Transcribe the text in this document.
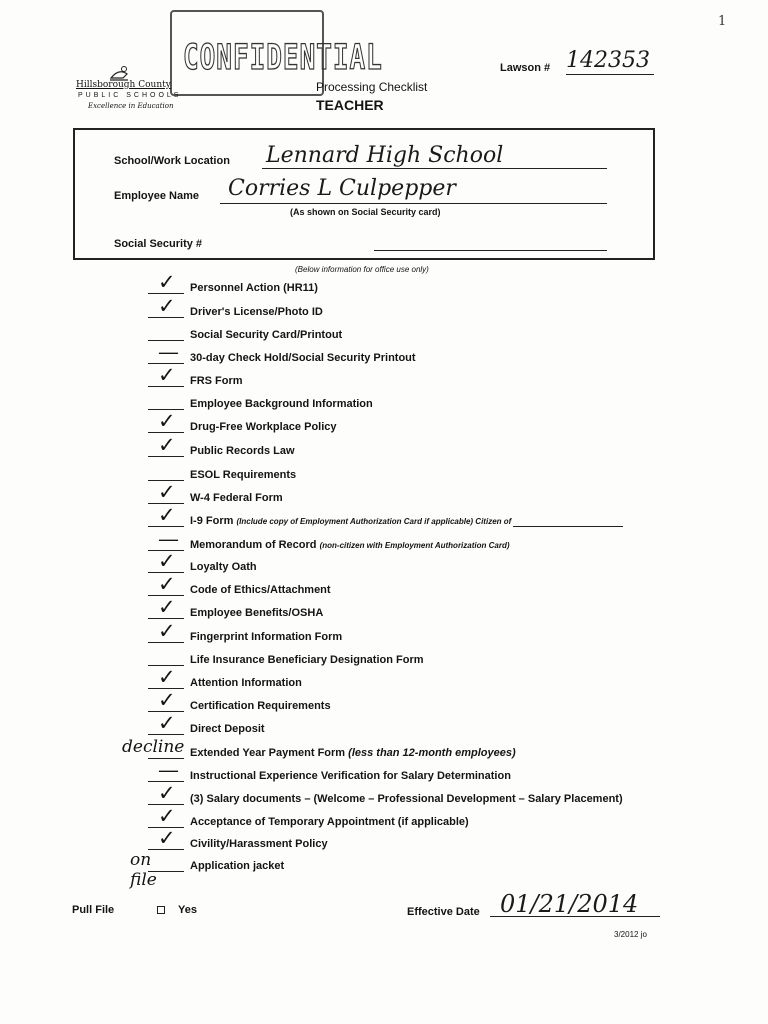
1
CONFIDENTIAL
Hillsborough County
PUBLIC SCHOOLS
Excellence in Education
Processing Checklist
TEACHER
Lawson # 142353
School/Work Location Lennard High School
Employee Name Corries L Culpepper
(As shown on Social Security card)
Social Security #
(Below information for office use only)
✓ Personnel Action (HR11)
✓ Driver's License/Photo ID
Social Security Card/Printout
— 30-day Check Hold/Social Security Printout
✓ FRS Form
Employee Background Information
✓ Drug-Free Workplace Policy
✓ Public Records Law
ESOL Requirements
✓ W-4 Federal Form
✓ I-9 Form (Include copy of Employment Authorization Card if applicable) Citizen of
— Memorandum of Record (non-citizen with Employment Authorization Card)
✓ Loyalty Oath
✓ Code of Ethics/Attachment
✓ Employee Benefits/OSHA
✓ Fingerprint Information Form
Life Insurance Beneficiary Designation Form
✓ Attention Information
✓ Certification Requirements
✓ Direct Deposit
decline Extended Year Payment Form (less than 12-month employees)
— Instructional Experience Verification for Salary Determination
✓ (3) Salary documents – (Welcome – Professional Development – Salary Placement)
✓ Acceptance of Temporary Appointment (if applicable)
✓ Civility/Harassment Policy
on file
Application jacket
Pull File	Yes	Effective Date 01/21/2014
3/2012 jo
